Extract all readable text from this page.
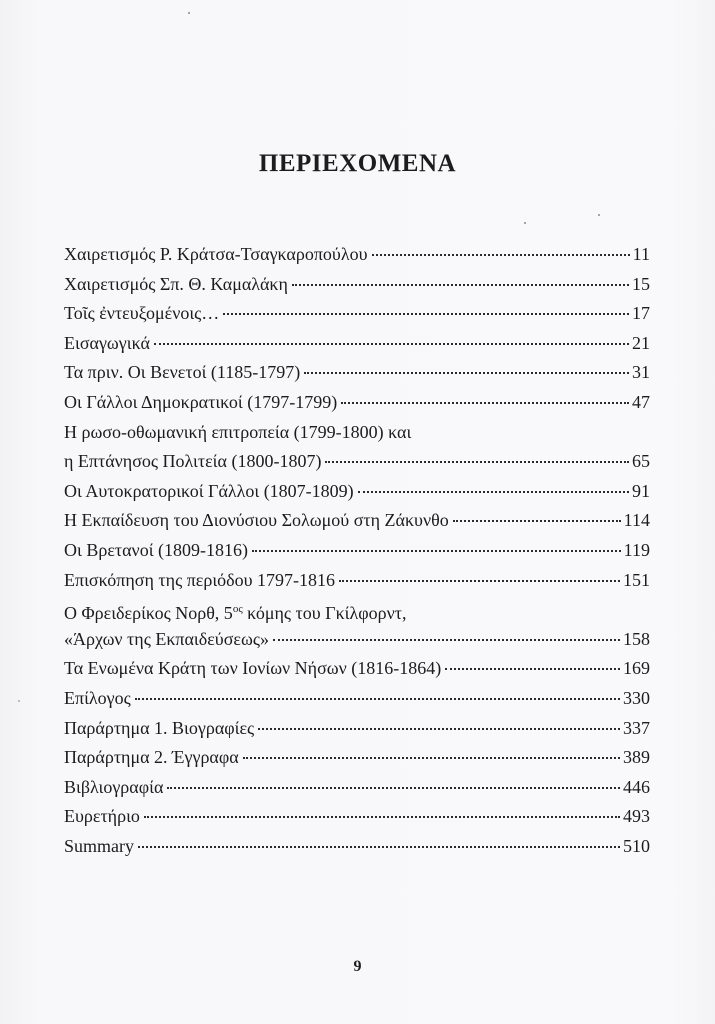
ΠΕΡΙΕΧΟΜΕΝΑ
Χαιρετισμός Ρ. Κράτσα-Τσαγκαροπούλου	11
Χαιρετισμός Σπ. Θ. Καμαλάκη	15
Τοῖς ἐντευξομένοις…	17
Εισαγωγικά	21
Τα πριν. Οι Βενετοί (1185-1797)	31
Οι Γάλλοι Δημοκρατικοί (1797-1799)	47
Η ρωσο-οθωμανική επιτροπεία (1799-1800) και
η Επτάνησος Πολιτεία (1800-1807)	65
Οι Αυτοκρατορικοί Γάλλοι (1807-1809)	91
Η Εκπαίδευση του Διονύσιου Σολωμού στη Ζάκυνθο	114
Οι Βρετανοί (1809-1816)	119
Επισκόπηση της περιόδου 1797-1816	151
Ο Φρειδερίκος Νορθ, $5^{o\varsigma}$ κόμης του Γκίλφορντ,
«Άρχων της Εκπαιδεύσεως»	158
Τα Ενωμένα Κράτη των Ιονίων Νήσων (1816-1864)	169
Επίλογος	330
Παράρτημα 1. Βιογραφίες	337
Παράρτημα 2. Έγγραφα	389
Βιβλιογραφία	446
Ευρετήριο	493
Summary	510
9
